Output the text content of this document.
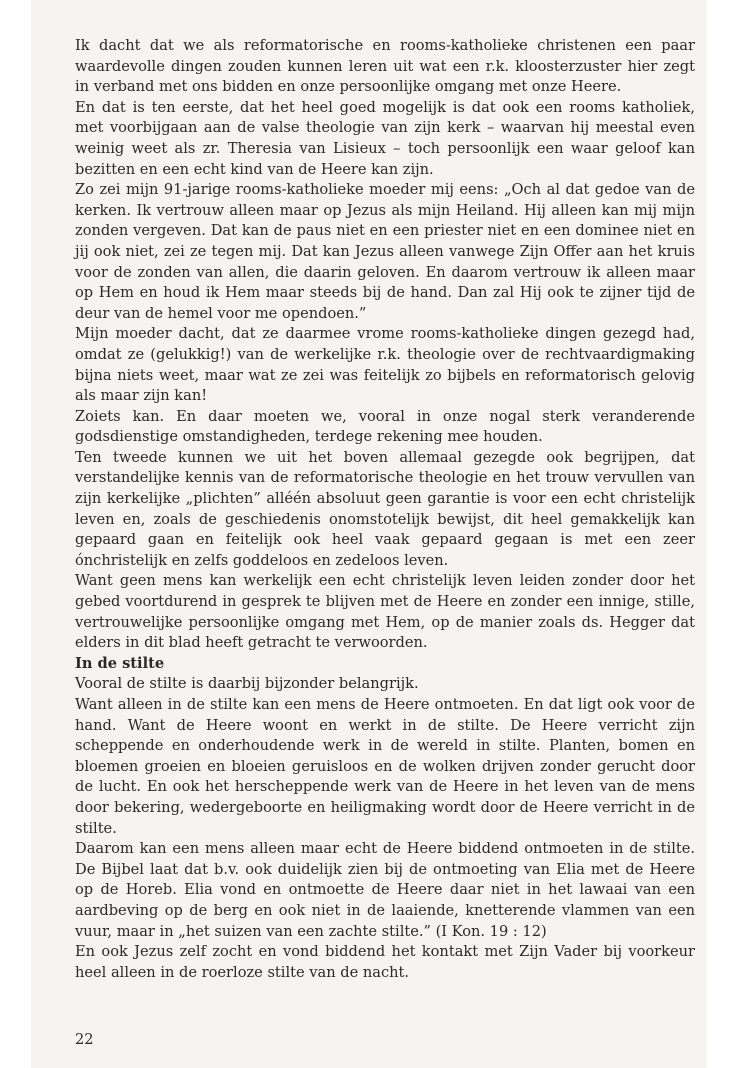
Ik dacht dat we als reformatorische en rooms-katholieke christenen een paar waardevolle dingen zouden kunnen leren uit wat een r.k. kloosterzuster hier zegt in verband met ons bidden en onze persoonlijke omgang met onze Heere.

En dat is ten eerste, dat het heel goed mogelijk is dat ook een rooms katholiek, met voorbijgaan aan de valse theologie van zijn kerk – waarvan hij meestal even weinig weet als zr. Theresia van Lisieux – toch persoonlijk een waar geloof kan bezitten en een echt kind van de Heere kan zijn.

Zo zei mijn 91-jarige rooms-katholieke moeder mij eens: „Och al dat gedoe van de kerken. Ik vertrouw alleen maar op Jezus als mijn Heiland. Hij alleen kan mij mijn zonden vergeven. Dat kan de paus niet en een priester niet en een dominee niet en jij ook niet, zei ze tegen mij. Dat kan Jezus alleen vanwege Zijn Offer aan het kruis voor de zonden van allen, die daarin geloven. En daarom vertrouw ik alleen maar op Hem en houd ik Hem maar steeds bij de hand. Dan zal Hij ook te zijner tijd de deur van de hemel voor me opendoen.”

Mijn moeder dacht, dat ze daarmee vrome rooms-katholieke dingen gezegd had, omdat ze (gelukkig!) van de werkelijke r.k. theologie over de rechtvaardigmaking bijna niets weet, maar wat ze zei was feitelijk zo bijbels en reformatorisch gelovig als maar zijn kan!

Zoiets kan. En daar moeten we, vooral in onze nogal sterk veranderende godsdienstige omstandigheden, terdege rekening mee houden.

Ten tweede kunnen we uit het boven allemaal gezegde ook begrijpen, dat verstandelijke kennis van de reformatorische theologie en het trouw vervullen van zijn kerkelijke „plichten” alléén absoluut geen garantie is voor een echt christelijk leven en, zoals de geschiedenis onomstotelijk bewijst, dit heel gemakkelijk kan gepaard gaan en feitelijk ook heel vaak gepaard gegaan is met een zeer ónchristelijk en zelfs goddeloos en zedeloos leven.

Want geen mens kan werkelijk een echt christelijk leven leiden zonder door het gebed voortdurend in gesprek te blijven met de Heere en zonder een innige, stille, vertrouwelijke persoonlijke omgang met Hem, op de manier zoals ds. Hegger dat elders in dit blad heeft getracht te verwoorden.

In de stilte

Vooral de stilte is daarbij bijzonder belangrijk.

Want alleen in de stilte kan een mens de Heere ontmoeten. En dat ligt ook voor de hand. Want de Heere woont en werkt in de stilte. De Heere verricht zijn scheppende en onderhoudende werk in de wereld in stilte. Planten, bomen en bloemen groeien en bloeien geruisloos en de wolken drijven zonder gerucht door de lucht. En ook het herscheppende werk van de Heere in het leven van de mens door bekering, wedergeboorte en heiligmaking wordt door de Heere verricht in de stilte.

Daarom kan een mens alleen maar echt de Heere biddend ontmoeten in de stilte. De Bijbel laat dat b.v. ook duidelijk zien bij de ontmoeting van Elia met de Heere op de Horeb. Elia vond en ontmoette de Heere daar niet in het lawaai van een aardbeving op de berg en ook niet in de laaiende, knetterende vlammen van een vuur, maar in „het suizen van een zachte stilte.” (I Kon. 19 : 12)

En ook Jezus zelf zocht en vond biddend het kontakt met Zijn Vader bij voorkeur heel alleen in de roerloze stilte van de nacht.

22
